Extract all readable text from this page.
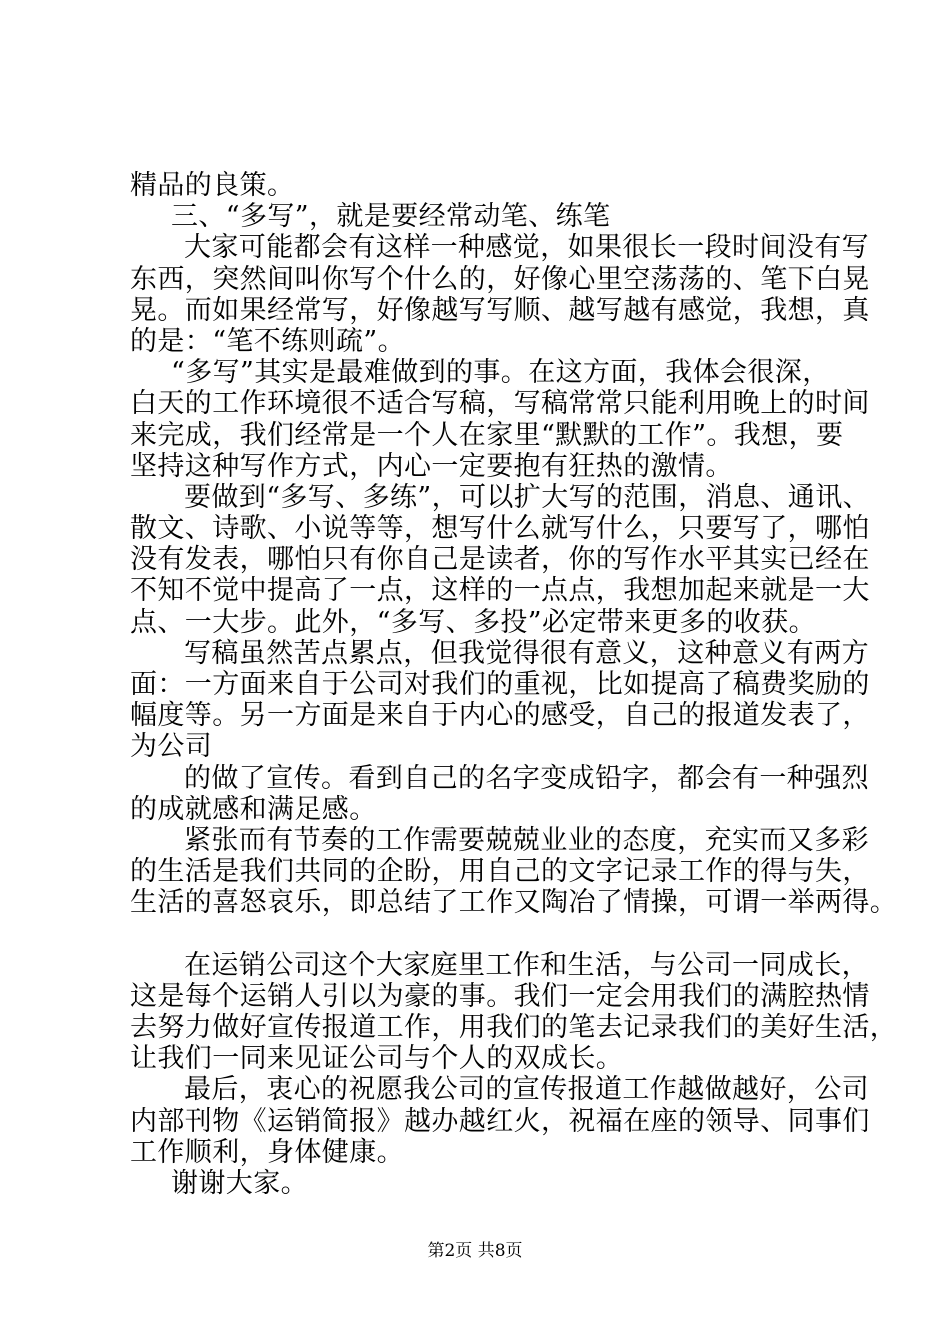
精品的良策。
三、“多写”，就是要经常动笔、练笔
大家可能都会有这样一种感觉，如果很长一段时间没有写
东西，突然间叫你写个什么的，好像心里空荡荡的、笔下白晃
晃。而如果经常写，好像越写写顺、越写越有感觉，我想，真
的是：“笔不练则疏”。
“多写”其实是最难做到的事。在这方面，我体会很深，
白天的工作环境很不适合写稿，写稿常常只能利用晚上的时间
来完成，我们经常是一个人在家里“默默的工作”。我想，要
坚持这种写作方式，内心一定要抱有狂热的激情。
要做到“多写、多练”，可以扩大写的范围，消息、通讯、
散文、诗歌、小说等等，想写什么就写什么，只要写了，哪怕
没有发表，哪怕只有你自己是读者，你的写作水平其实已经在
不知不觉中提高了一点，这样的一点点，我想加起来就是一大
点、一大步。此外，“多写、多投”必定带来更多的收获。
写稿虽然苦点累点，但我觉得很有意义，这种意义有两方
面：一方面来自于公司对我们的重视，比如提高了稿费奖励的
幅度等。另一方面是来自于内心的感受，自己的报道发表了，
为公司
的做了宣传。看到自己的名字变成铅字，都会有一种强烈
的成就感和满足感。
紧张而有节奏的工作需要兢兢业业的态度，充实而又多彩
的生活是我们共同的企盼，用自己的文字记录工作的得与失，
生活的喜怒哀乐，即总结了工作又陶冶了情操，可谓一举两得。
在运销公司这个大家庭里工作和生活，与公司一同成长，
这是每个运销人引以为豪的事。我们一定会用我们的满腔热情
去努力做好宣传报道工作，用我们的笔去记录我们的美好生活，
让我们一同来见证公司与个人的双成长。
最后，衷心的祝愿我公司的宣传报道工作越做越好，公司
内部刊物《运销简报》越办越红火，祝福在座的领导、同事们
工作顺利，身体健康。
谢谢大家。
第2页 共8页
